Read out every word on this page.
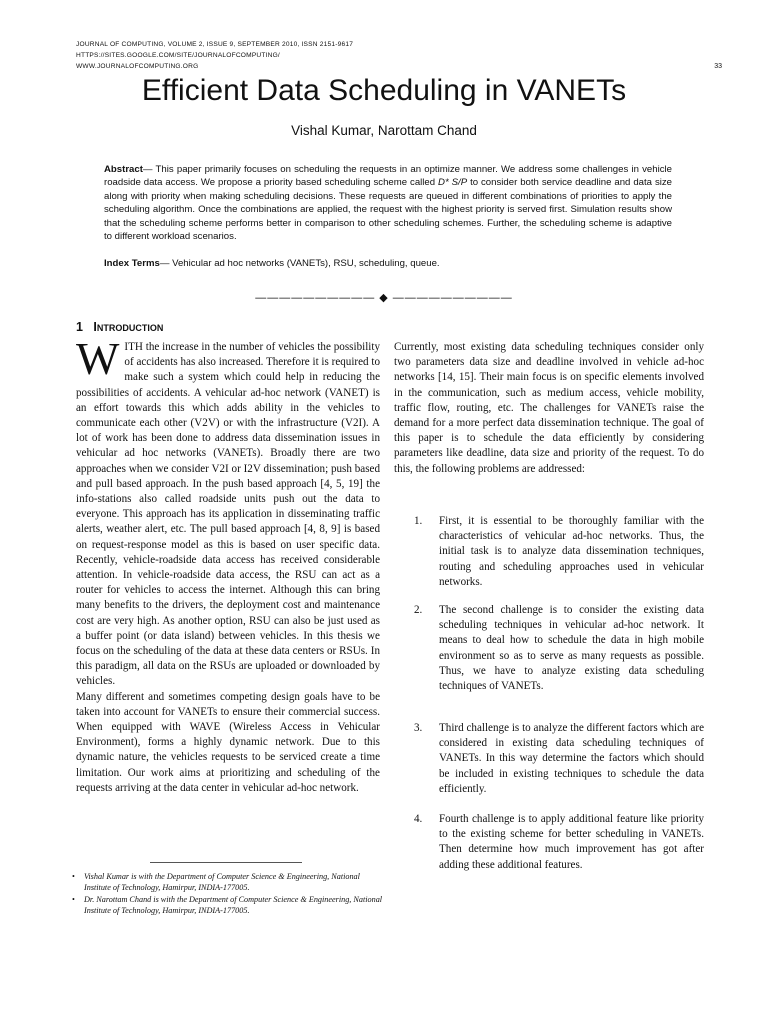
JOURNAL OF COMPUTING, VOLUME 2, ISSUE 9, SEPTEMBER 2010, ISSN 2151-9617
HTTPS://SITES.GOOGLE.COM/SITE/JOURNALOFCOMPUTING/
WWW.JOURNALOFCOMPUTING.ORG	33
Efficient Data Scheduling in VANETs
Vishal Kumar, Narottam Chand

Abstract— This paper primarily focuses on scheduling the requests in an optimize manner. We address some challenges in vehicle roadside data access. We propose a priority based scheduling scheme called D* S/P to consider both service deadline and data size along with priority when making scheduling decisions. These requests are queued in different combinations of priorities to apply the scheduling algorithm. Once the combinations are applied, the request with the highest priority is served first. Simulation results show that the scheduling scheme performs better in comparison to other scheduling schemes. Further, the scheduling scheme is adaptive to different workload scenarios.

Index Terms— Vehicular ad hoc networks (VANETs), RSU, scheduling, queue.

—————————— ◆ ——————————
1 Introduction

WITH the increase in the number of vehicles the possibility of accidents has also increased. Therefore it is required to make such a system which could help in reducing the possibilities of accidents. A vehicular ad-hoc network (VANET) is an effort towards this which adds ability in the vehicles to communicate each other (V2V) or with the infrastructure (V2I). A lot of work has been done to address data dissemination issues in vehicular ad hoc networks (VANETs). Broadly there are two approaches when we consider V2I or I2V dissemination; push based and pull based approach. In the push based approach [4, 5, 19] the info-stations also called roadside units push out the data to everyone. This approach has its application in disseminating traffic alerts, weather alert, etc. The pull based approach [4, 8, 9] is based on request-response model as this is based on user specific data. Recently, vehicle-roadside data access has received considerable attention. In vehicle-roadside data access, the RSU can act as a router for vehicles to access the internet. Although this can bring many benefits to the drivers, the deployment cost and maintenance cost are very high. As another option, RSU can also be just used as a buffer point (or data island) between vehicles. In this thesis we focus on the scheduling of the data at these data centers or RSUs. In this paradigm, all data on the RSUs are uploaded or downloaded by vehicles.

Many different and sometimes competing design goals have to be taken into account for VANETs to ensure their commercial success. When equipped with WAVE (Wireless Access in Vehicular Environment), forms a highly dynamic network. Due to this dynamic nature, the vehicles requests to be serviced create a time limitation. Our work aims at prioritizing and scheduling of the requests arriving at the data center in vehicular ad-hoc network.

Currently, most existing data scheduling techniques consider only two parameters data size and deadline involved in vehicle ad-hoc networks [14, 15]. Their main focus is on specific elements involved in the communication, such as medium access, vehicle mobility, traffic flow, routing, etc. The challenges for VANETs raise the demand for a more perfect data dissemination technique. The goal of this paper is to schedule the data efficiently by considering parameters like deadline, data size and priority of the request. To do this, the following problems are addressed:

1. First, it is essential to be thoroughly familiar with the characteristics of vehicular ad-hoc networks. Thus, the initial task is to analyze data dissemination techniques, routing and scheduling approaches used in vehicular networks.
2. The second challenge is to consider the existing data scheduling techniques in vehicular ad-hoc network. It means to deal how to schedule the data in high mobile environment so as to serve as many requests as possible. Thus, we have to analyze existing data scheduling techniques of VANETs.
3. Third challenge is to analyze the different factors which are considered in existing data scheduling techniques of VANETs. In this way determine the factors which should be included in existing techniques to schedule the data efficiently.
4. Fourth challenge is to apply additional feature like priority to the existing scheme for better scheduling in VANETs. Then determine how much improvement has got after adding these additional features.
• Vishal Kumar is with the Department of Computer Science & Engineering, National Institute of Technology, Hamirpur, INDIA-177005.
• Dr. Narottam Chand is with the Department of Computer Science & Engineering, National Institute of Technology, Hamirpur, INDIA-177005.
